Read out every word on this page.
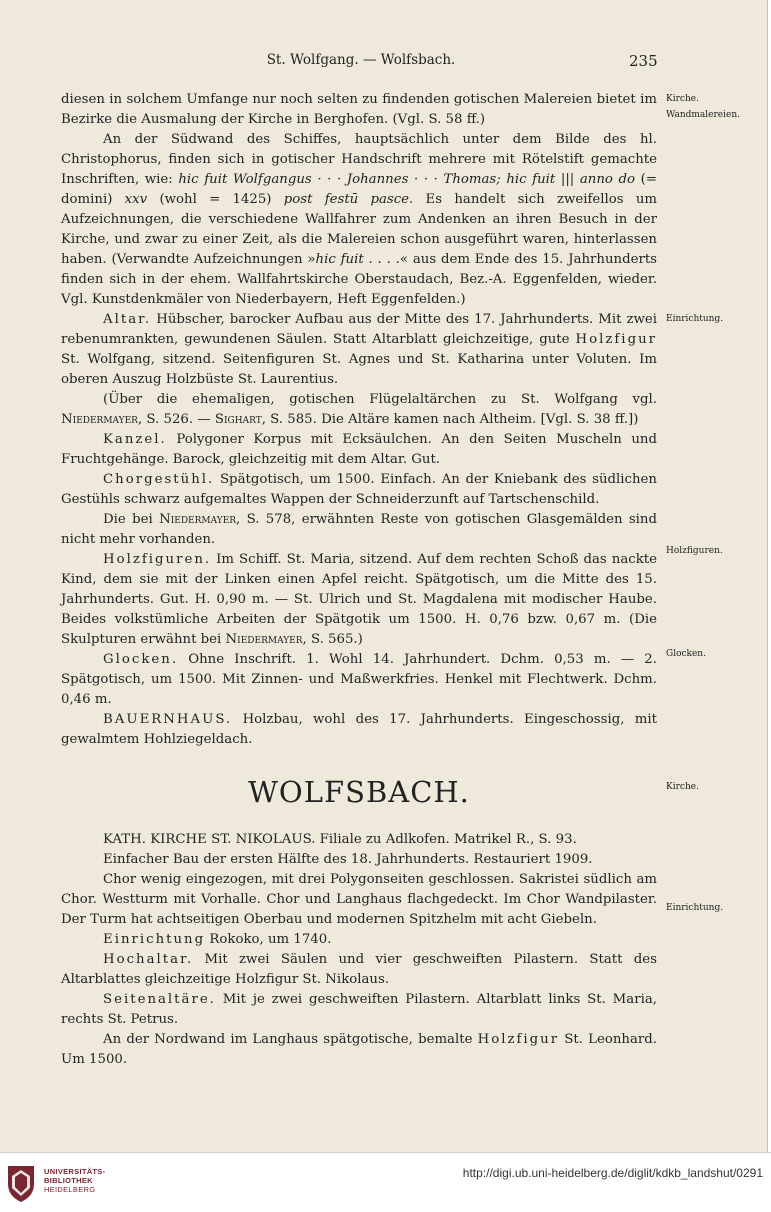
St. Wolfgang. — Wolfsbach.	235
Kirche.
Wandmalereien.
Einrichtung.
Holzfiguren.
Glocken.
Kirche.
Einrichtung.

diesen in solchem Umfange nur noch selten zu findenden gotischen Malereien bietet im Bezirke die Ausmalung der Kirche in Berghofen. (Vgl. S. 58 ff.)

An der Südwand des Schiffes, hauptsächlich unter dem Bilde des hl. Christophorus, finden sich in gotischer Handschrift mehrere mit Rötelstift gemachte Inschriften, wie: hic fuit Wolfgangus · · · Johannes · · · Thomas; hic fuit ||| anno do (= domini) xxv (wohl = 1425) post festū pasce. Es handelt sich zweifellos um Aufzeichnungen, die verschiedene Wallfahrer zum Andenken an ihren Besuch in der Kirche, und zwar zu einer Zeit, als die Malereien schon ausgeführt waren, hinterlassen haben. (Verwandte Aufzeichnungen »hic fuit . . . .« aus dem Ende des 15. Jahrhunderts finden sich in der ehem. Wallfahrtskirche Oberstaudach, Bez.-A. Eggenfelden, wieder. Vgl. Kunstdenkmäler von Niederbayern, Heft Eggenfelden.)

Altar. Hübscher, barocker Aufbau aus der Mitte des 17. Jahrhunderts. Mit zwei rebenumrankten, gewundenen Säulen. Statt Altarblatt gleichzeitige, gute Holzfigur St. Wolfgang, sitzend. Seitenfiguren St. Agnes und St. Katharina unter Voluten. Im oberen Auszug Holzbüste St. Laurentius.

(Über die ehemaligen, gotischen Flügelaltärchen zu St. Wolfgang vgl. Niedermayer, S. 526. — Sighart, S. 585. Die Altäre kamen nach Altheim. [Vgl. S. 38 ff.])

Kanzel. Polygoner Korpus mit Ecksäulchen. An den Seiten Muscheln und Fruchtgehänge. Barock, gleichzeitig mit dem Altar. Gut.

Chorgestühl. Spätgotisch, um 1500. Einfach. An der Kniebank des südlichen Gestühls schwarz aufgemaltes Wappen der Schneiderzunft auf Tartschenschild.

Die bei Niedermayer, S. 578, erwähnten Reste von gotischen Glasgemälden sind nicht mehr vorhanden.

Holzfiguren. Im Schiff. St. Maria, sitzend. Auf dem rechten Schoß das nackte Kind, dem sie mit der Linken einen Apfel reicht. Spätgotisch, um die Mitte des 15. Jahrhunderts. Gut. H. 0,90 m. — St. Ulrich und St. Magdalena mit modischer Haube. Beides volkstümliche Arbeiten der Spätgotik um 1500. H. 0,76 bzw. 0,67 m. (Die Skulpturen erwähnt bei Niedermayer, S. 565.)

Glocken. Ohne Inschrift. 1. Wohl 14. Jahrhundert. Dchm. 0,53 m. — 2. Spätgotisch, um 1500. Mit Zinnen- und Maßwerkfries. Henkel mit Flechtwerk. Dchm. 0,46 m.

BAUERNHAUS. Holzbau, wohl des 17. Jahrhunderts. Eingeschossig, mit gewalmtem Hohlziegeldach.

WOLFSBACH.

KATH. KIRCHE ST. NIKOLAUS. Filiale zu Adlkofen. Matrikel R., S. 93.

Einfacher Bau der ersten Hälfte des 18. Jahrhunderts. Restauriert 1909.

Chor wenig eingezogen, mit drei Polygonseiten geschlossen. Sakristei südlich am Chor. Westturm mit Vorhalle. Chor und Langhaus flachgedeckt. Im Chor Wandpilaster. Der Turm hat achtseitigen Oberbau und modernen Spitzhelm mit acht Giebeln.

Einrichtung Rokoko, um 1740.

Hochaltar. Mit zwei Säulen und vier geschweiften Pilastern. Statt des Altarblattes gleichzeitige Holzfigur St. Nikolaus.

Seitenaltäre. Mit je zwei geschweiften Pilastern. Altarblatt links St. Maria, rechts St. Petrus.

An der Nordwand im Langhaus spätgotische, bemalte Holzfigur St. Leonhard. Um 1500.

UNIVERSITÄTS-
BIBLIOTHEK
HEIDELBERG
http://digi.ub.uni-heidelberg.de/diglit/kdkb_landshut/0291
